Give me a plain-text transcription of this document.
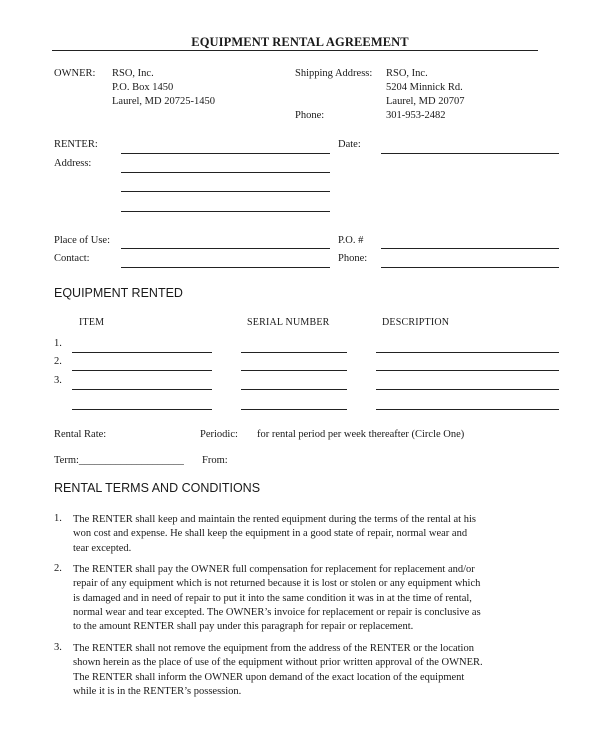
EQUIPMENT RENTAL AGREEMENT
OWNER: RSO, Inc.
P.O. Box 1450
Laurel, MD 20725-1450
Shipping Address: RSO, Inc.
5204 Minnick Rd.
Laurel, MD 20707
Phone:	301-953-2482
RENTER:	Date:
Address:
Place of Use:	P.O. #
Contact:	Phone:
EQUIPMENT RENTED
ITEM	SERIAL NUMBER	DESCRIPTION
1.
2.
3.
Rental Rate:	Periodic: for rental period per week thereafter (Circle One)
Term:____________________ From:
RENTAL TERMS AND CONDITIONS
1. The RENTER shall keep and maintain the rented equipment during the terms of the rental at his
won cost and expense. He shall keep the equipment in a good state of repair, normal wear and
tear excepted.
2. The RENTER shall pay the OWNER full compensation for replacement for replacement and/or
repair of any equipment which is not returned because it is lost or stolen or any equipment which
is damaged and in need of repair to put it into the same condition it was in at the time of rental,
normal wear and tear excepted. The OWNER’s invoice for replacement or repair is conclusive as
to the amount RENTER shall pay under this paragraph for repair or replacement.
3. The RENTER shall not remove the equipment from the address of the RENTER or the location
shown herein as the place of use of the equipment without prior written approval of the OWNER.
The RENTER shall inform the OWNER upon demand of the exact location of the equipment
while it is in the RENTER’s possession.
